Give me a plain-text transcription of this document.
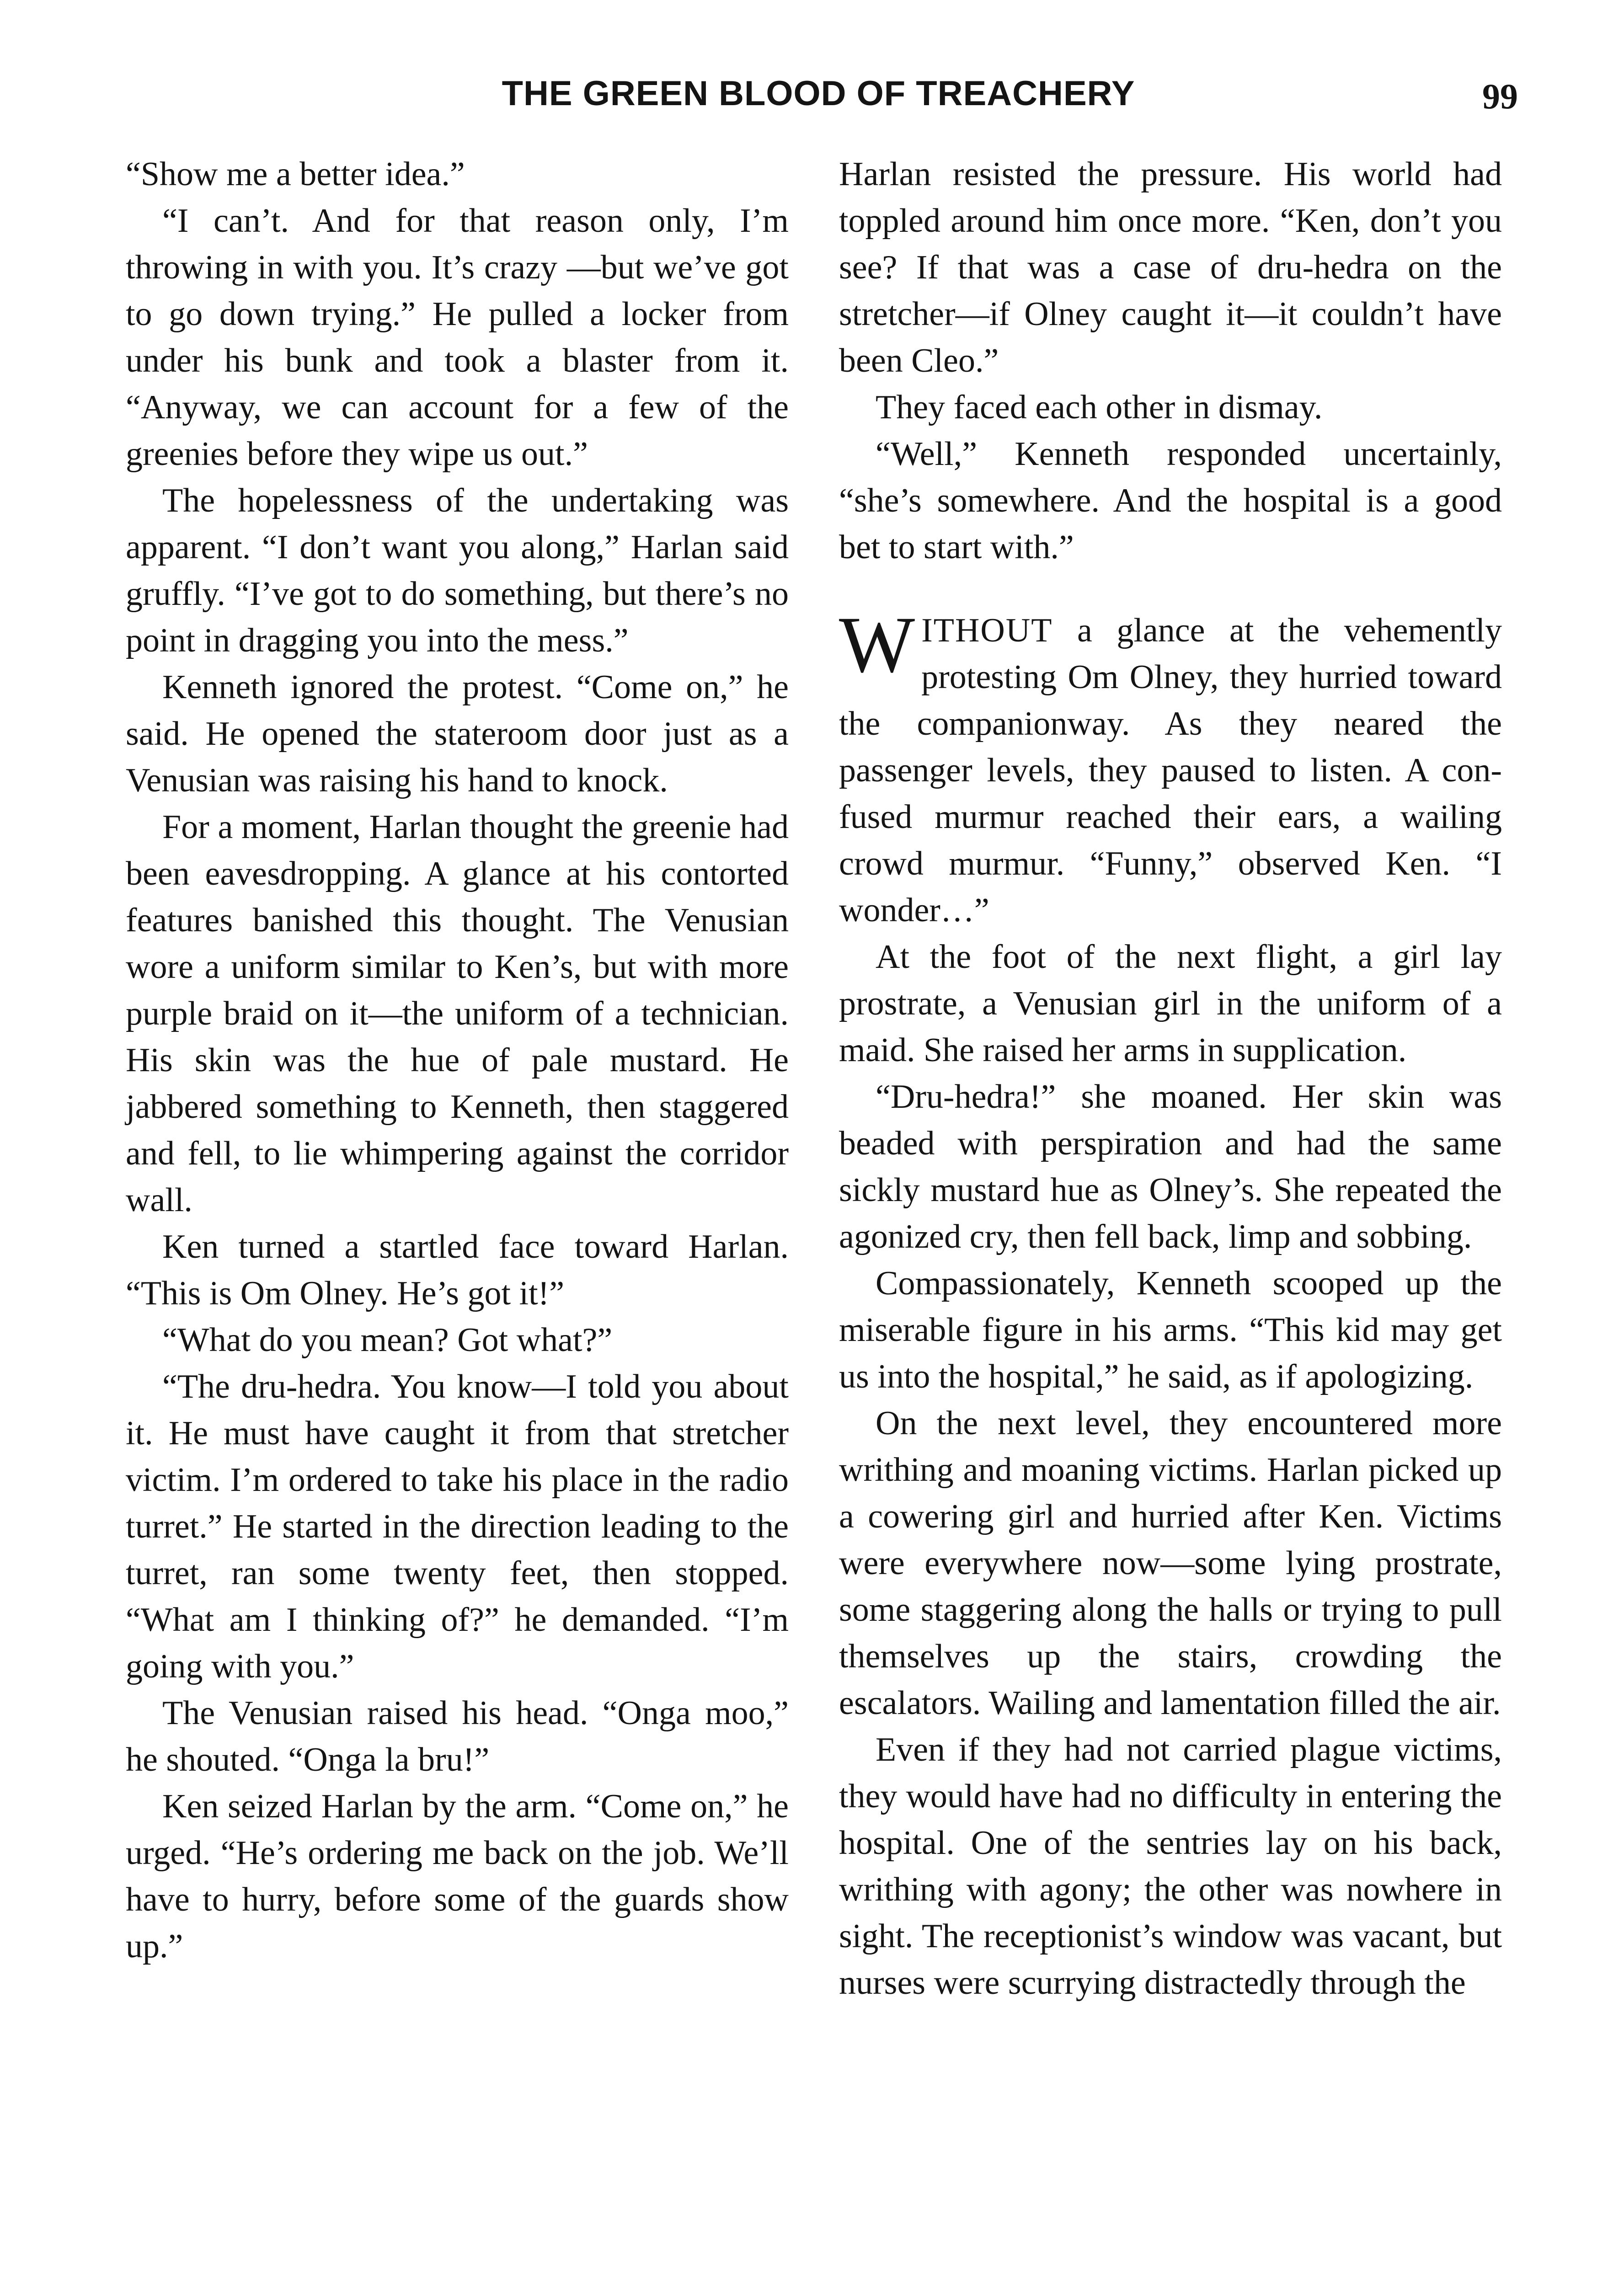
THE GREEN BLOOD OF TREACHERY	99

“Show me a better idea.”

“I can’t. And for that reason only, I’m throwing in with you. It’s crazy —but we’ve got to go down trying.” He pulled a locker from under his bunk and took a blaster from it. “Anyway, we can account for a few of the greenies before they wipe us out.”

The hopelessness of the undertaking was apparent. “I don’t want you along,” Harlan said gruffly. “I’ve got to do something, but there’s no point in dragging you into the mess.”

Kenneth ignored the protest. “Come on,” he said. He opened the stateroom door just as a Venusian was raising his hand to knock.

For a moment, Harlan thought the greenie had been eavesdropping. A glance at his contorted features banished this thought. The Venusian wore a uniform similar to Ken’s, but with more purple braid on it—the uniform of a technician. His skin was the hue of pale mustard. He jabbered something to Kenneth, then staggered and fell, to lie whimpering against the corridor wall.

Ken turned a startled face toward Harlan. “This is Om Olney. He’s got it!”

“What do you mean? Got what?”

“The dru-hedra. You know—I told you about it. He must have caught it from that stretcher victim. I’m ordered to take his place in the radio turret.” He started in the direction leading to the turret, ran some twenty feet, then stopped. “What am I thinking of?” he demanded. “I’m going with you.”

The Venusian raised his head. “Onga moo,” he shouted. “Onga la bru!”

Ken seized Harlan by the arm. “Come on,” he urged. “He’s ordering me back on the job. We’ll have to hurry, before some of the guards show up.”

Harlan resisted the pressure. His world had toppled around him once more. “Ken, don’t you see? If that was a case of dru-hedra on the stretcher—if Olney caught it—it couldn’t have been Cleo.”

They faced each other in dismay.

“Well,” Kenneth responded uncertainly, “she’s somewhere. And the hospital is a good bet to start with.”

WITHOUT a glance at the vehemently protesting Om Olney, they hurried toward the companionway. As they neared the passenger levels, they paused to listen. A confused murmur reached their ears, a wailing crowd murmur. “Funny,” observed Ken. “I wonder…”

At the foot of the next flight, a girl lay prostrate, a Venusian girl in the uniform of a maid. She raised her arms in supplication.

“Dru-hedra!” she moaned. Her skin was beaded with perspiration and had the same sickly mustard hue as Olney’s. She repeated the agonized cry, then fell back, limp and sobbing.

Compassionately, Kenneth scooped up the miserable figure in his arms. “This kid may get us into the hospital,” he said, as if apologizing.

On the next level, they encountered more writhing and moaning victims. Harlan picked up a cowering girl and hurried after Ken. Victims were everywhere now—some lying prostrate, some staggering along the halls or trying to pull themselves up the stairs, crowding the escalators. Wailing and lamentation filled the air.

Even if they had not carried plague victims, they would have had no difficulty in entering the hospital. One of the sentries lay on his back, writhing with agony; the other was nowhere in sight. The receptionist’s window was vacant, but nurses were scurrying distractedly through the
